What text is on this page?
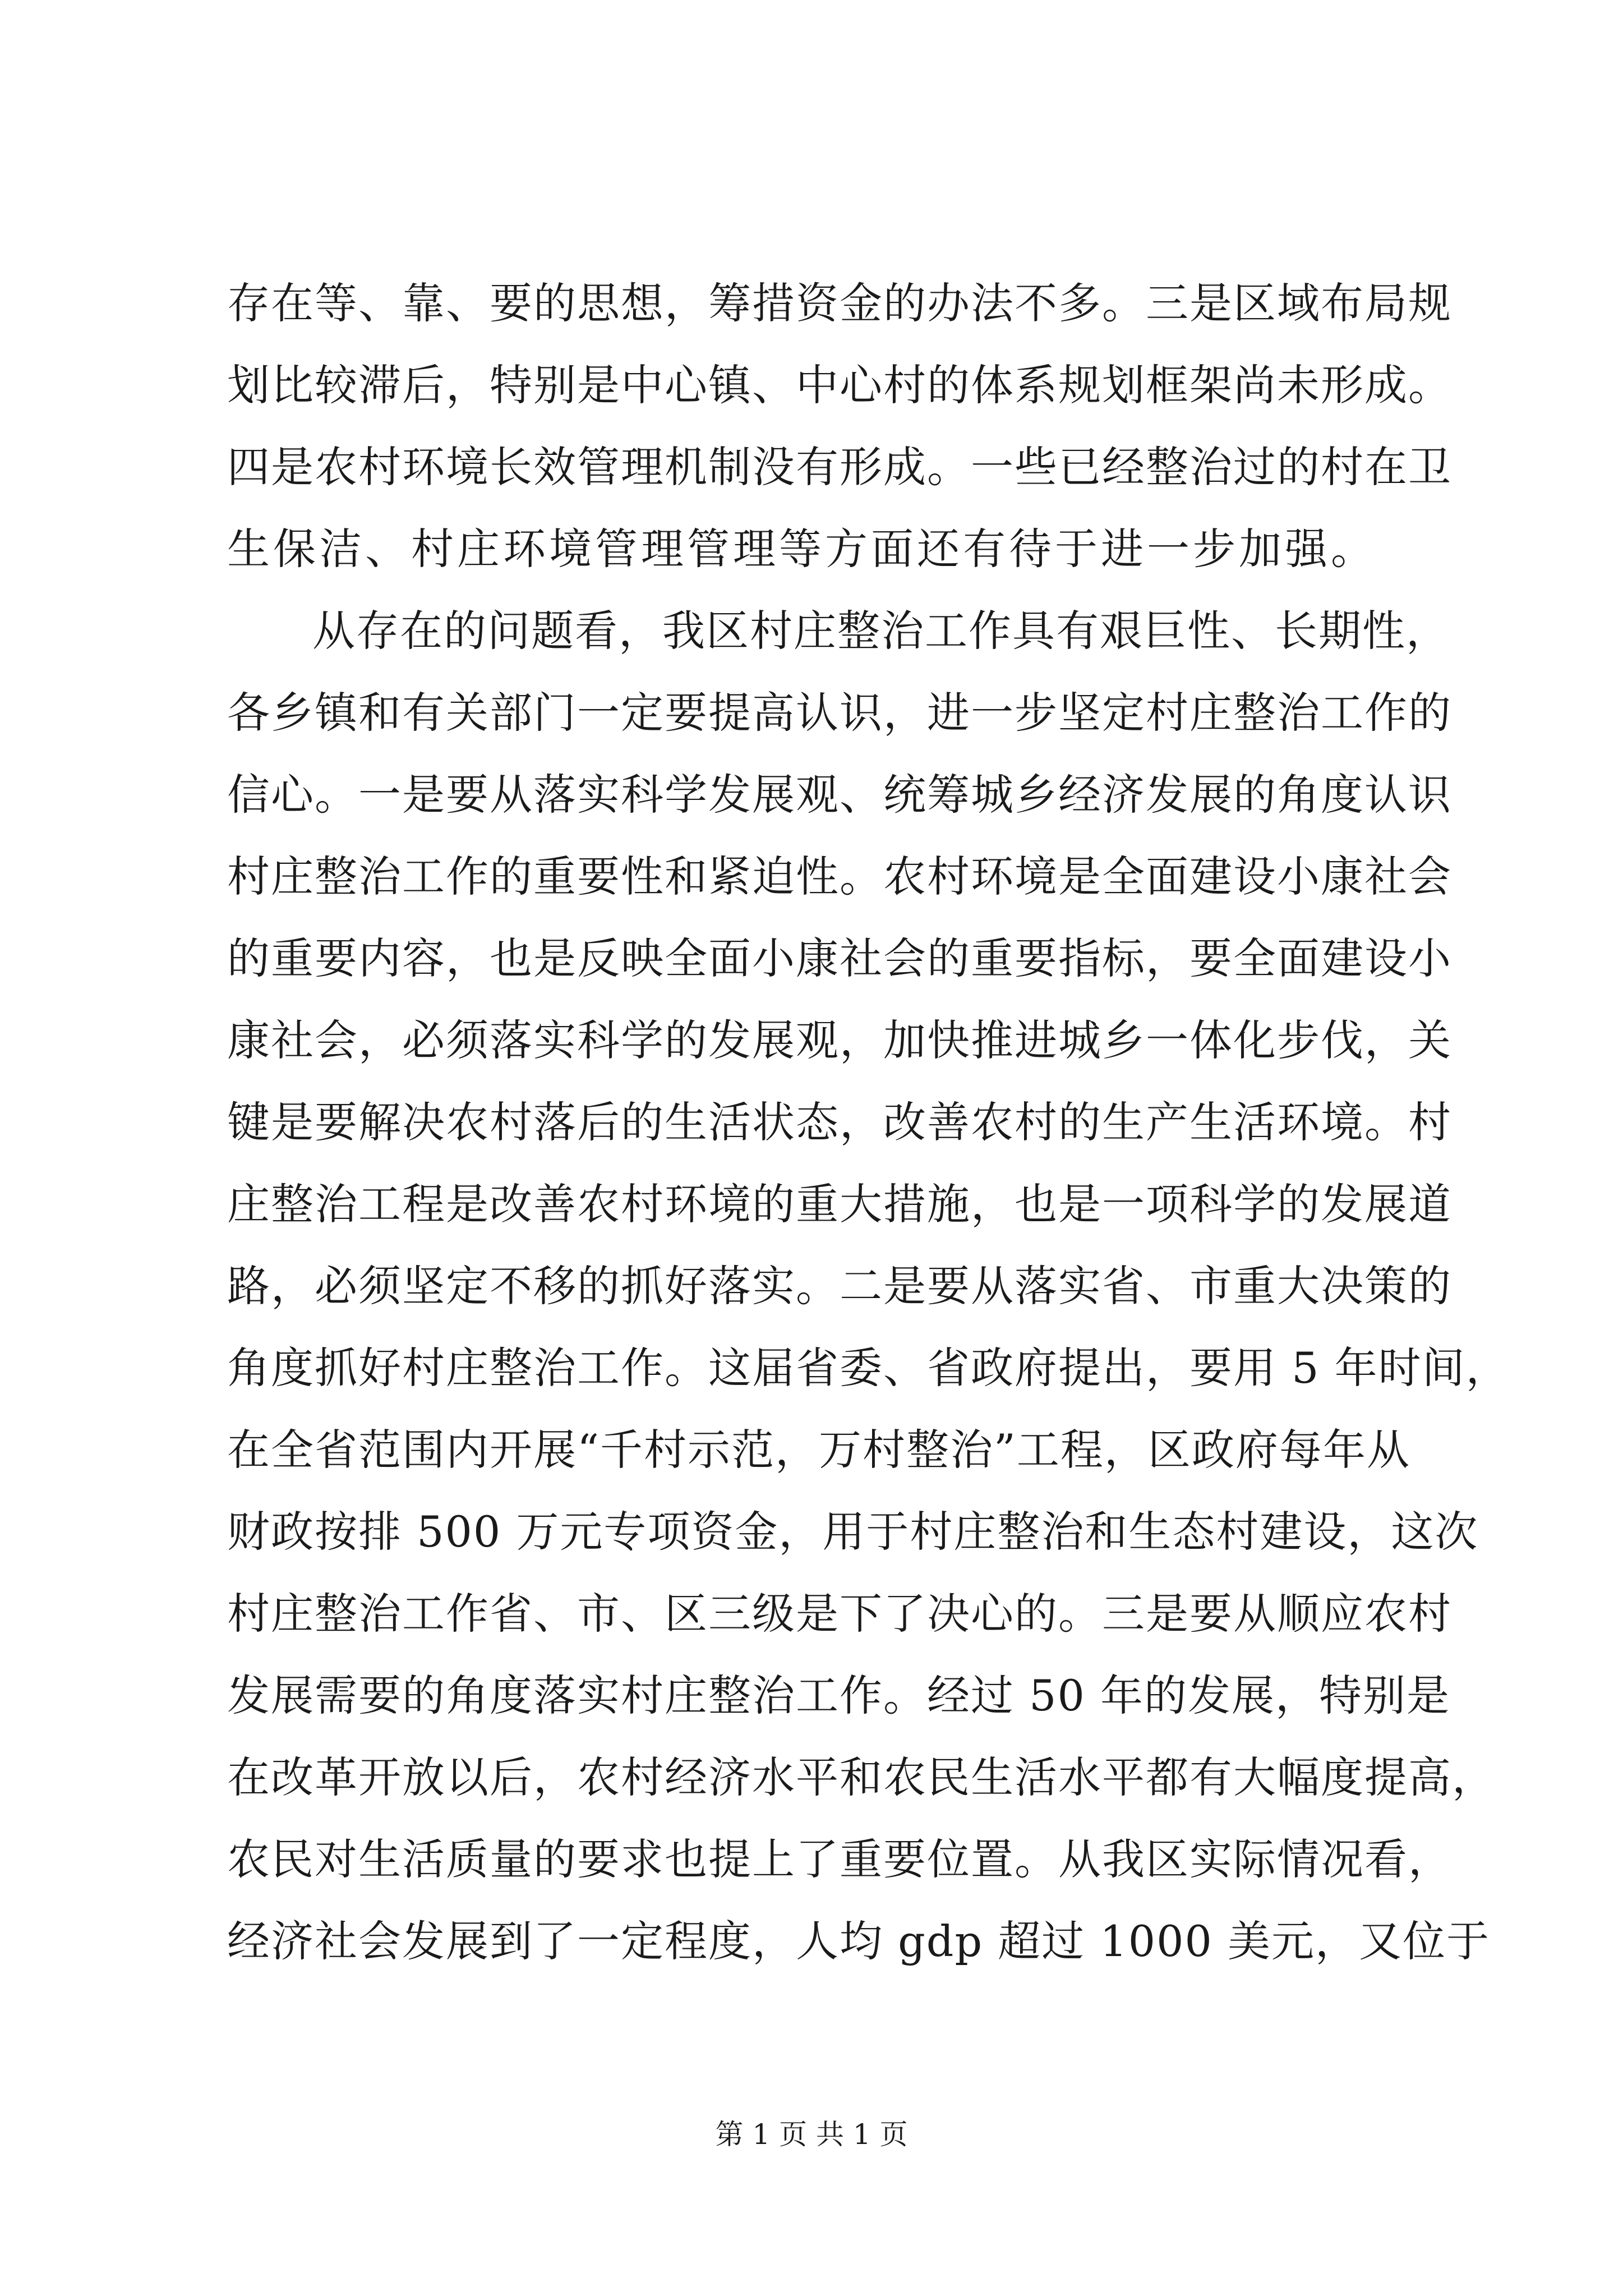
存在等、靠、要的思想，筹措资金的办法不多。三是区域布局规
划比较滞后，特别是中心镇、中心村的体系规划框架尚未形成。
四是农村环境长效管理机制没有形成。一些已经整治过的村在卫
生保洁、村庄环境管理管理等方面还有待于进一步加强。
从存在的问题看，我区村庄整治工作具有艰巨性、长期性，
各乡镇和有关部门一定要提高认识，进一步坚定村庄整治工作的
信心。一是要从落实科学发展观、统筹城乡经济发展的角度认识
村庄整治工作的重要性和紧迫性。农村环境是全面建设小康社会
的重要内容，也是反映全面小康社会的重要指标，要全面建设小
康社会，必须落实科学的发展观，加快推进城乡一体化步伐，关
键是要解决农村落后的生活状态，改善农村的生产生活环境。村
庄整治工程是改善农村环境的重大措施，也是一项科学的发展道
路，必须坚定不移的抓好落实。二是要从落实省、市重大决策的
角度抓好村庄整治工作。这届省委、省政府提出，要用 5 年时间，
在全省范围内开展“千村示范，万村整治”工程，区政府每年从
财政按排 500 万元专项资金，用于村庄整治和生态村建设，这次
村庄整治工作省、市、区三级是下了决心的。三是要从顺应农村
发展需要的角度落实村庄整治工作。经过 50 年的发展，特别是
在改革开放以后，农村经济水平和农民生活水平都有大幅度提高，
农民对生活质量的要求也提上了重要位置。从我区实际情况看，
经济社会发展到了一定程度，人均 gdp 超过 1000 美元，又位于
第 1 页 共 1 页
